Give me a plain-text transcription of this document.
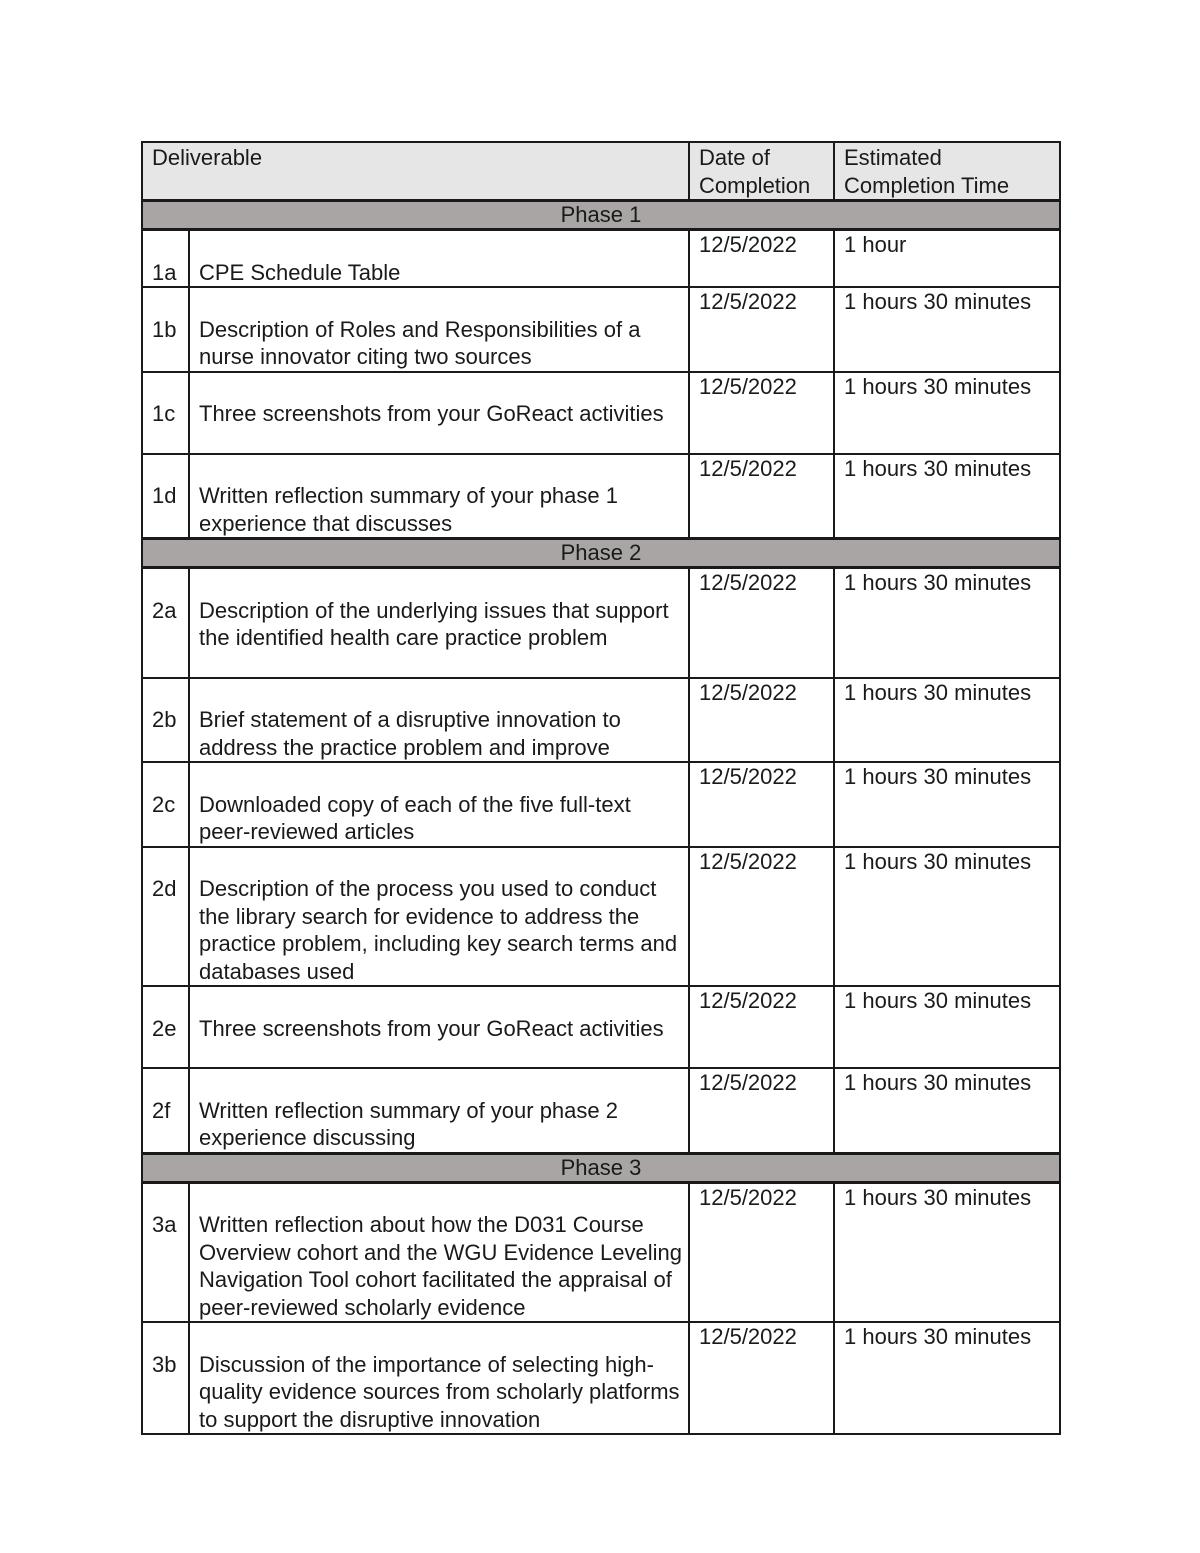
Deliverable		Date of Completion	Estimated Completion Time
Phase 1			

1a	CPE Schedule Table	12/5/2022	1 hour

1b	Description of Roles and Responsibilities of a nurse innovator citing two sources	12/5/2022	1 hours 30 minutes

1c	Three screenshots from your GoReact activities	12/5/2022	1 hours 30 minutes

1d	Written reflection summary of your phase 1 experience that discusses	12/5/2022	1 hours 30 minutes
Phase 2			

2a	Description of the underlying issues that support the identified health care practice problem	12/5/2022	1 hours 30 minutes

2b	Brief statement of a disruptive innovation to address the practice problem and improve	12/5/2022	1 hours 30 minutes

2c	Downloaded copy of each of the five full-text peer-reviewed articles	12/5/2022	1 hours 30 minutes

2d	Description of the process you used to conduct the library search for evidence to address the practice problem, including key search terms and databases used	12/5/2022	1 hours 30 minutes

2e	Three screenshots from your GoReact activities	12/5/2022	1 hours 30 minutes

2f	Written reflection summary of your phase 2 experience discussing	12/5/2022	1 hours 30 minutes
Phase 3			

3a	Written reflection about how the D031 Course Overview cohort and the WGU Evidence Leveling Navigation Tool cohort facilitated the appraisal of peer-reviewed scholarly evidence	12/5/2022	1 hours 30 minutes

3b	Discussion of the importance of selecting high-quality evidence sources from scholarly platforms to support the disruptive innovation	12/5/2022	1 hours 30 minutes
